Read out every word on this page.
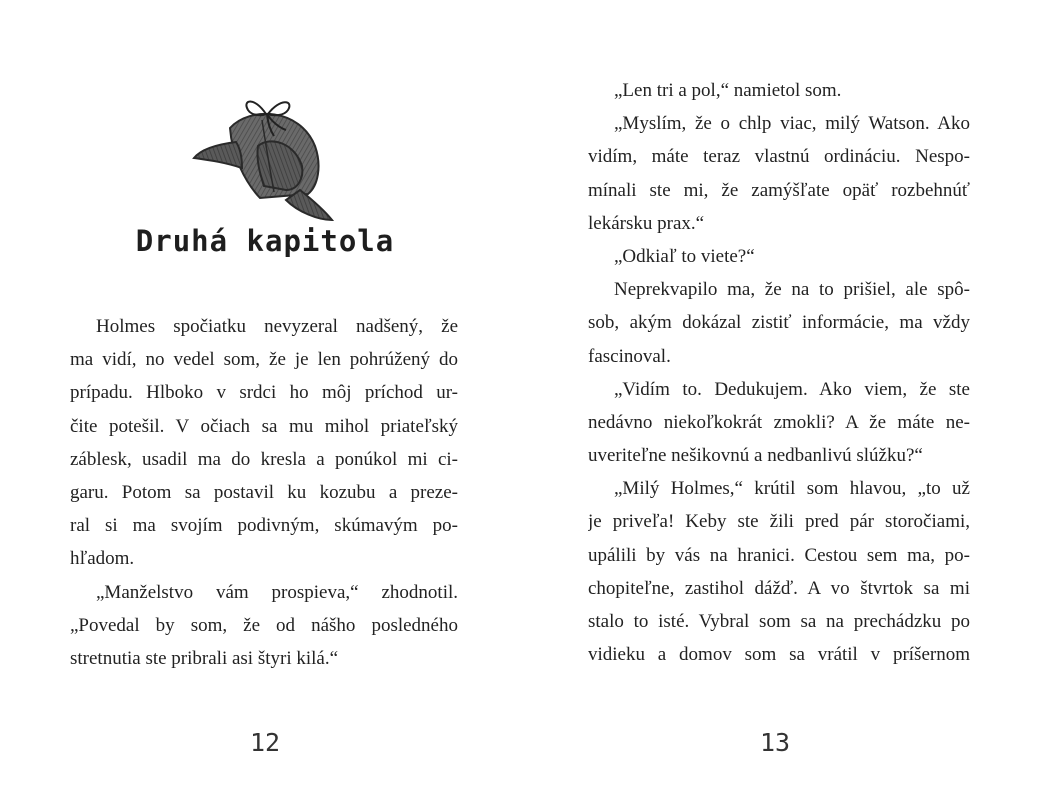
Druhá kapitola
Holmes spočiatku nevyzeral nadšený, že
ma vidí, no vedel som, že je len pohrúžený do
prípadu. Hlboko v srdci ho môj príchod ur-
čite potešil. V očiach sa mu mihol priateľský
záblesk, usadil ma do kresla a ponúkol mi ci-
garu. Potom sa postavil ku kozubu a preze-
ral si ma svojím podivným, skúmavým po-
hľadom.
„Manželstvo vám prospieva,“ zhodnotil.
„Povedal by som, že od nášho posledného
stretnutia ste pribrali asi štyri kilá.“
12
„Len tri a pol,“ namietol som.
„Myslím, že o chlp viac, milý Watson. Ako
vidím, máte teraz vlastnú ordináciu. Nespo-
mínali ste mi, že zamýšľate opäť rozbehnúť
lekársku prax.“
„Odkiaľ to viete?“
Neprekvapilo ma, že na to prišiel, ale spô-
sob, akým dokázal zistiť informácie, ma vždy
fascinoval.
„Vidím to. Dedukujem. Ako viem, že ste
nedávno niekoľkokrát zmokli? A že máte ne-
uveriteľne nešikovnú a nedbanlivú slúžku?“
„Milý Holmes,“ krútil som hlavou, „to už
je priveľa! Keby ste žili pred pár storočiami,
upálili by vás na hranici. Cestou sem ma, po-
chopiteľne, zastihol dážď. A vo štvrtok sa mi
stalo to isté. Vybral som sa na prechádzku po
vidieku a domov som sa vrátil v príšernom
13
